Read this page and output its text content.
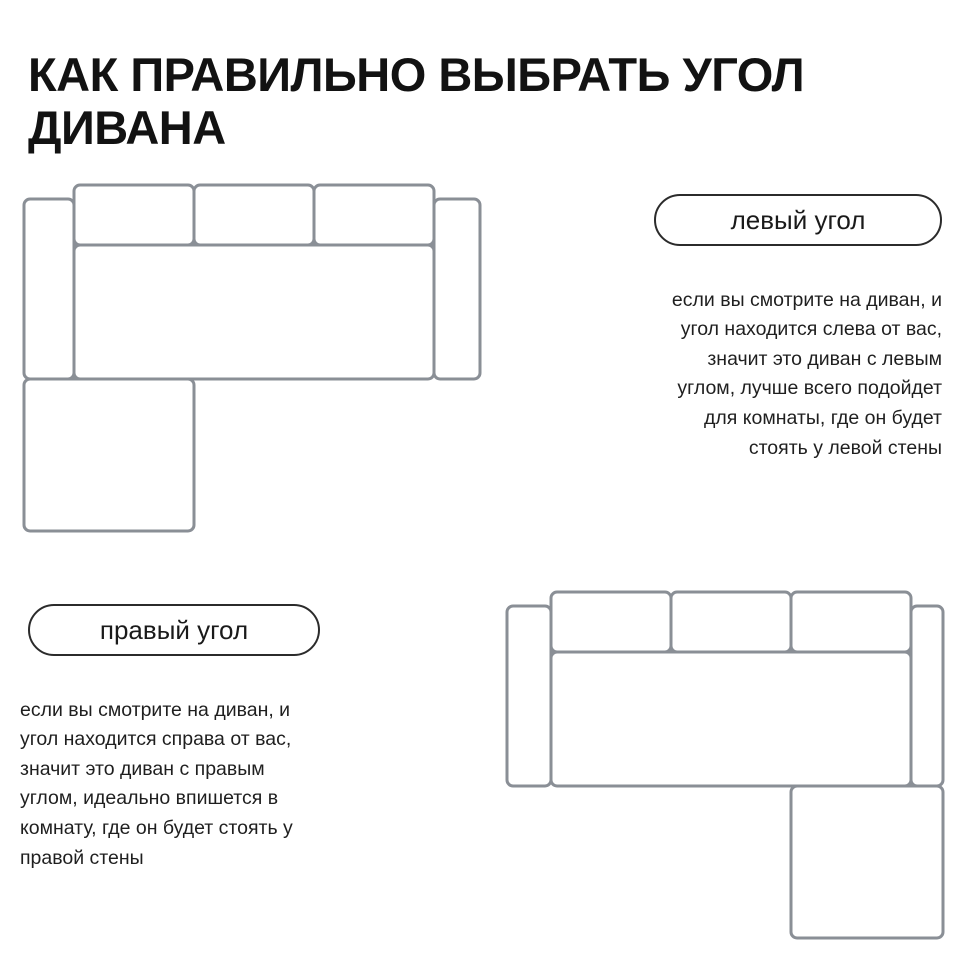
КАК ПРАВИЛЬНО ВЫБРАТЬ УГОЛ ДИВАНА
левый угол

если вы смотрите на диван, и угол находится слева от вас, значит это диван с левым углом, лучше всего подойдет для комнаты, где он будет стоять у левой стены

правый угол

если вы смотрите на диван, и угол находится справа от вас, значит это диван с правым углом, идеально впишется в комнату, где он будет стоять у правой стены
